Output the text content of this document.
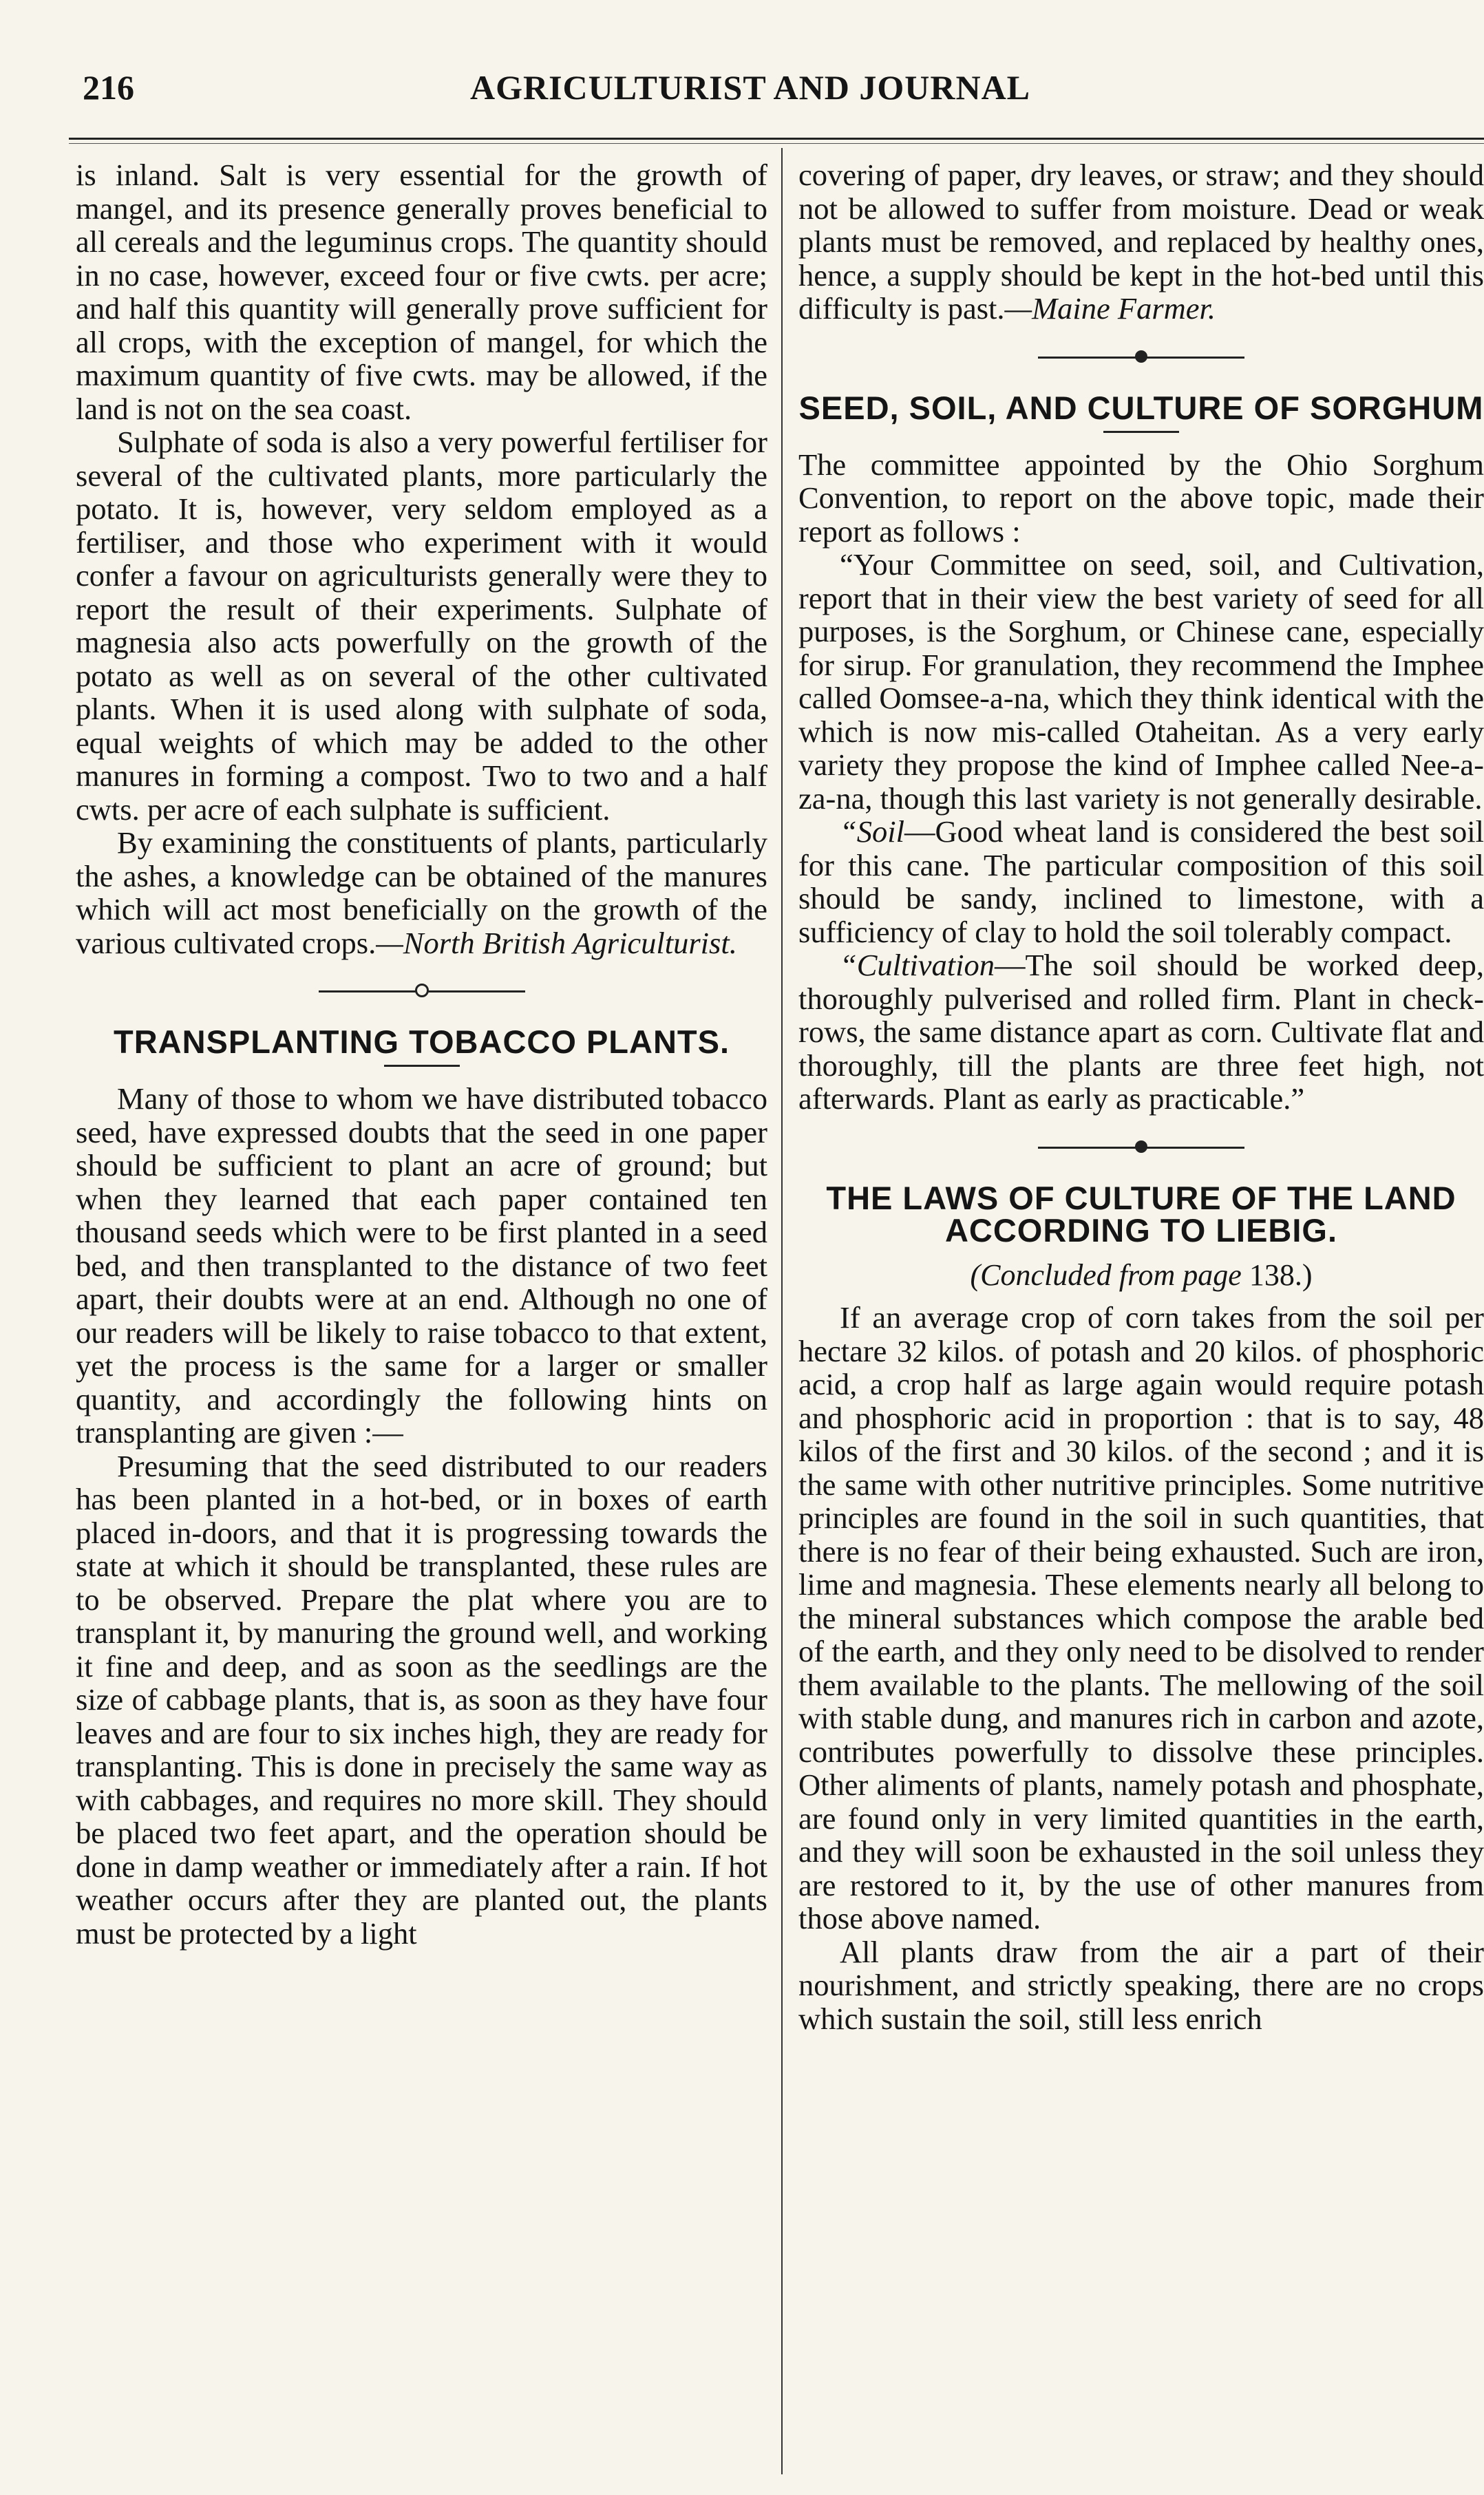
216	AGRICULTURIST AND JOURNAL

is inland. Salt is very essential for the growth of mangel, and its presence generally proves beneficial to all cereals and the leguminus crops. The quantity should in no case, however, exceed four or five cwts. per acre; and half this quantity will generally prove sufficient for all crops, with the exception of mangel, for which the maximum quantity of five cwts. may be allowed, if the land is not on the sea coast.

Sulphate of soda is also a very powerful fertiliser for several of the cultivated plants, more particularly the potato. It is, however, very seldom employed as a fertiliser, and those who experiment with it would confer a favour on agriculturists generally were they to report the result of their experiments. Sulphate of magnesia also acts powerfully on the growth of the potato as well as on several of the other cultivated plants. When it is used along with sulphate of soda, equal weights of which may be added to the other manures in forming a compost. Two to two and a half cwts. per acre of each sulphate is sufficient.

By examining the constituents of plants, particularly the ashes, a knowledge can be obtained of the manures which will act most beneficially on the growth of the various cultivated crops.—North British Agriculturist.

TRANSPLANTING TOBACCO PLANTS.

Many of those to whom we have distributed tobacco seed, have expressed doubts that the seed in one paper should be sufficient to plant an acre of ground; but when they learned that each paper contained ten thousand seeds which were to be first planted in a seed bed, and then transplanted to the distance of two feet apart, their doubts were at an end. Although no one of our readers will be likely to raise tobacco to that extent, yet the process is the same for a larger or smaller quantity, and accordingly the following hints on transplanting are given :—

Presuming that the seed distributed to our readers has been planted in a hot-bed, or in boxes of earth placed in-doors, and that it is progressing towards the state at which it should be transplanted, these rules are to be observed. Prepare the plat where you are to transplant it, by manuring the ground well, and working it fine and deep, and as soon as the seedlings are the size of cabbage plants, that is, as soon as they have four leaves and are four to six inches high, they are ready for transplanting. This is done in precisely the same way as with cabbages, and requires no more skill. They should be placed two feet apart, and the operation should be done in damp weather or immediately after a rain. If hot weather occurs after they are planted out, the plants must be protected by a light

covering of paper, dry leaves, or straw; and they should not be allowed to suffer from moisture. Dead or weak plants must be removed, and replaced by healthy ones, hence, a supply should be kept in the hot-bed until this difficulty is past.—Maine Farmer.

SEED, SOIL, AND CULTURE OF SORGHUM

The committee appointed by the Ohio Sorghum Convention, to report on the above topic, made their report as follows :

“Your Committee on seed, soil, and Cultivation, report that in their view the best variety of seed for all purposes, is the Sorghum, or Chinese cane, especially for sirup. For granulation, they recommend the Imphee called Oomsee-a-na, which they think identical with the which is now mis-called Otaheitan. As a very early variety they propose the kind of Imphee called Nee-a-za-na, though this last variety is not generally desirable.

“Soil—Good wheat land is considered the best soil for this cane. The particular composition of this soil should be sandy, inclined to limestone, with a sufficiency of clay to hold the soil tolerably compact.

“Cultivation—The soil should be worked deep, thoroughly pulverised and rolled firm. Plant in check-rows, the same distance apart as corn. Cultivate flat and thoroughly, till the plants are three feet high, not afterwards. Plant as early as practicable.”

THE LAWS OF CULTURE OF THE LAND ACCORDING TO LIEBIG.
(Concluded from page 138.)

If an average crop of corn takes from the soil per hectare 32 kilos. of potash and 20 kilos. of phosphoric acid, a crop half as large again would require potash and phosphoric acid in proportion : that is to say, 48 kilos of the first and 30 kilos. of the second ; and it is the same with other nutritive principles. Some nutritive principles are found in the soil in such quantities, that there is no fear of their being exhausted. Such are iron, lime and magnesia. These elements nearly all belong to the mineral substances which compose the arable bed of the earth, and they only need to be disolved to render them available to the plants. The mellowing of the soil with stable dung, and manures rich in carbon and azote, contributes powerfully to dissolve these principles. Other aliments of plants, namely potash and phosphate, are found only in very limited quantities in the earth, and they will soon be exhausted in the soil unless they are restored to it, by the use of other manures from those above named.

All plants draw from the air a part of their nourishment, and strictly speaking, there are no crops which sustain the soil, still less enrich
